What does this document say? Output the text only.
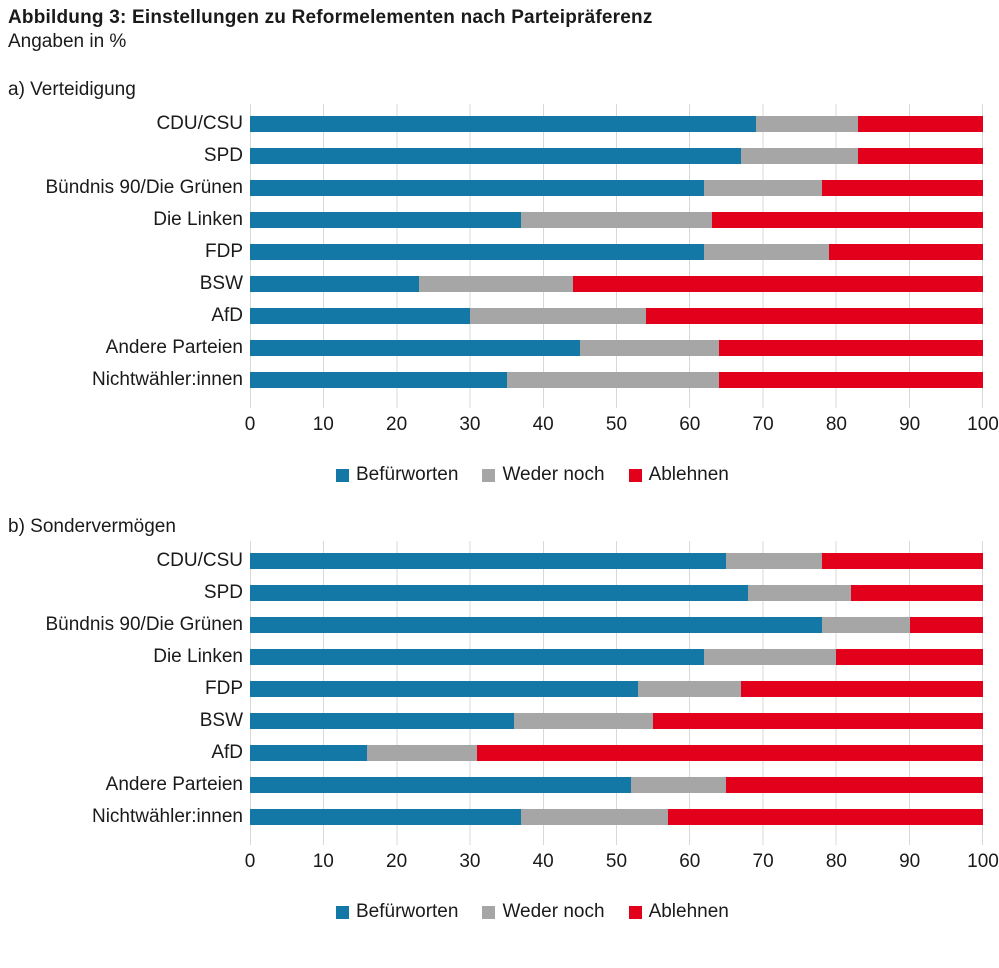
Abbildung 3: Einstellungen zu Reformelementen nach Parteipräferenz
Angaben in %
a) Verteidigung
CDU/CSU
SPD
Bündnis 90/Die Grünen
Die Linken
FDP
BSW
AfD
Andere Parteien
Nichtwähler:innen
0	10	20	30	40	50	60	70	80	90 100
Befürworten Weder noch Ablehnen
b) Sondervermögen
CDU/CSU
SPD
Bündnis 90/Die Grünen
Die Linken
FDP
BSW
AfD
Andere Parteien
Nichtwähler:innen
0	10	20	30	40	50	60	70	80	90 100
Befürworten Weder noch Ablehnen
